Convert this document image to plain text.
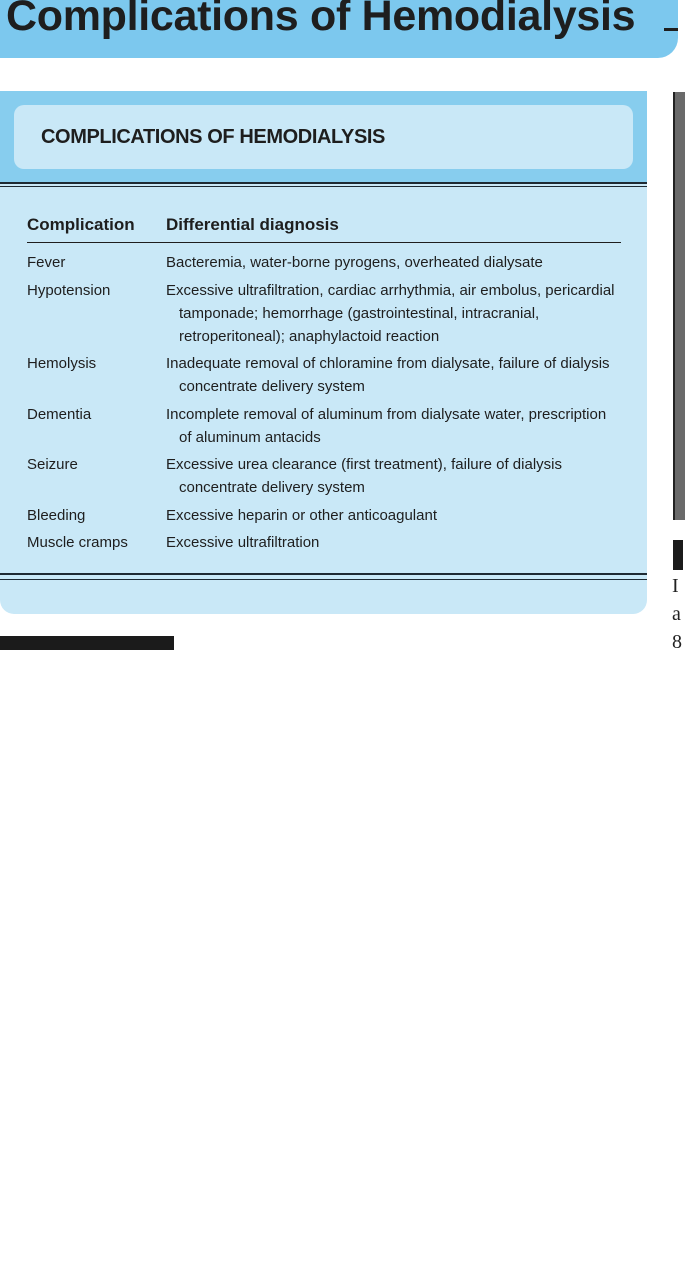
Complications of Hemodialysis
I
a
8
COMPLICATIONS OF HEMODIALYSIS
Complication Differential diagnosis
Fever	Bacteremia, water-borne pyrogens, overheated dialysate
Hypotension	Excessive ultrafiltration, cardiac arrhythmia, air embolus, pericardial
tamponade; hemorrhage (gastrointestinal, intracranial,
retroperitoneal); anaphylactoid reaction
Hemolysis	Inadequate removal of chloramine from dialysate, failure of dialysis
concentrate delivery system
Dementia	Incomplete removal of aluminum from dialysate water, prescription
of aluminum antacids
Seizure	Excessive urea clearance (first treatment), failure of dialysis
concentrate delivery system
Bleeding	Excessive heparin or other anticoagulant
Muscle cramps	Excessive ultrafiltration
FIGURE 7-1
